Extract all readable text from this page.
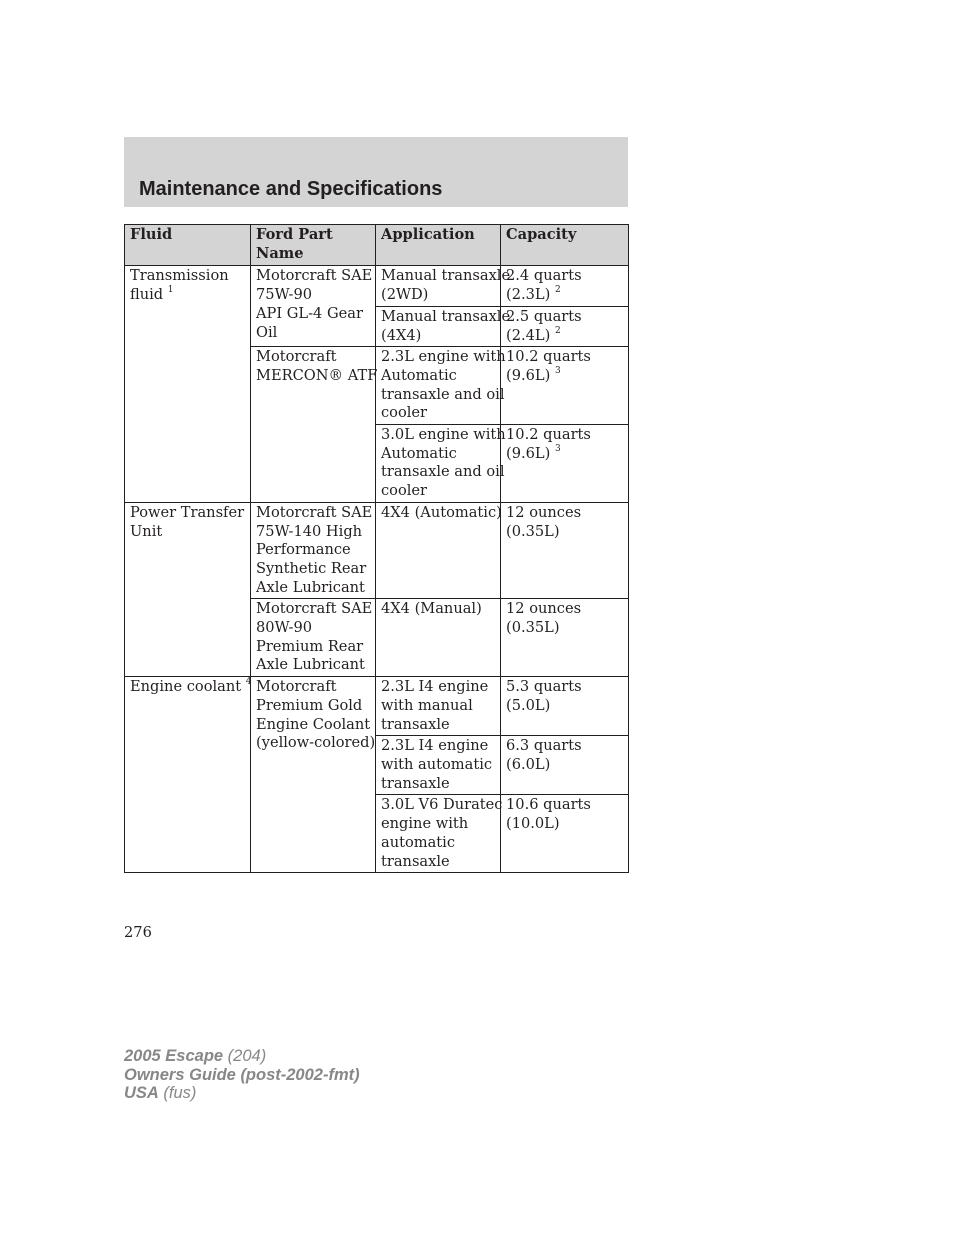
Maintenance and Specifications
Fluid	Ford Part
Name	Application	Capacity

Transmission
fluid $^1$	Motorcraft SAE
75W-90
API GL-4 Gear
Oil	Manual transaxle
(2WD)	2.4 quarts
(2.3L) $^2$

		Manual transaxle
(4X4)	2.5 quarts
(2.4L) $^2$

	Motorcraft
MERCON® ATF	2.3L engine with
Automatic
transaxle and oil
cooler	10.2 quarts
(9.6L) $^3$

		3.0L engine with
Automatic
transaxle and oil
cooler	10.2 quarts
(9.6L) $^3$

Power Transfer
Unit	Motorcraft SAE
75W-140 High
Performance
Synthetic Rear
Axle Lubricant	4X4 (Automatic)	12 ounces
(0.35L)

	Motorcraft SAE
80W-90
Premium Rear
Axle Lubricant	4X4 (Manual)	12 ounces
(0.35L)

Engine coolant $^4$	Motorcraft
Premium Gold
Engine Coolant
(yellow-colored)	2.3L I4 engine
with manual
transaxle	5.3 quarts
(5.0L)

		2.3L I4 engine
with automatic
transaxle	6.3 quarts
(6.0L)

		3.0L V6 Duratec
engine with
automatic
transaxle	10.6 quarts
(10.0L)
276
2005 Escape (204)
Owners Guide (post-2002-fmt)
USA (fus)
